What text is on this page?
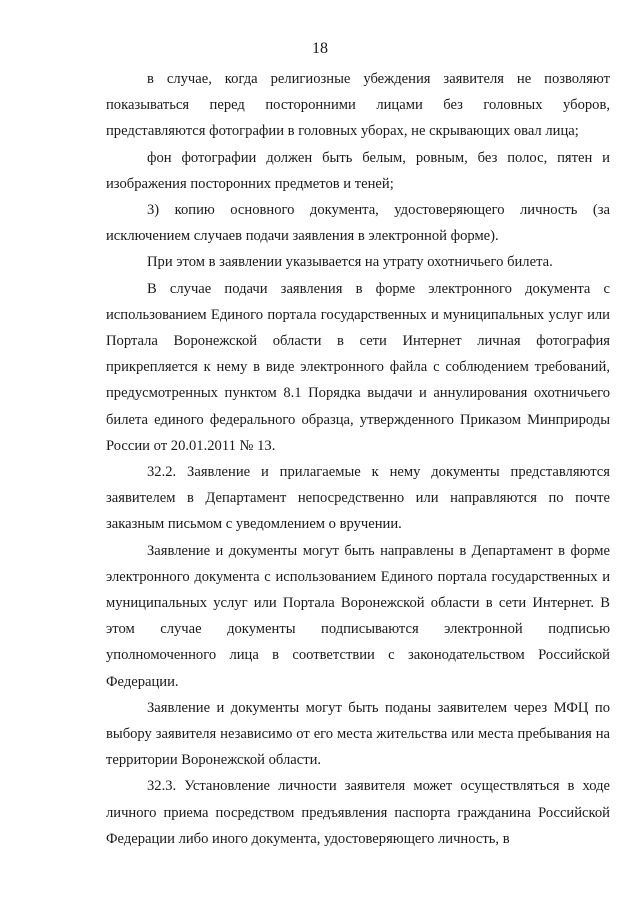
18

в случае, когда религиозные убеждения заявителя не позволяют показываться перед посторонними лицами без головных уборов, представляются фотографии в головных уборах, не скрывающих овал лица;

фон фотографии должен быть белым, ровным, без полос, пятен и изображения посторонних предметов и теней;

3) копию основного документа, удостоверяющего личность (за исключением случаев подачи заявления в электронной форме).

При этом в заявлении указывается на утрату охотничьего билета.

В случае подачи заявления в форме электронного документа с использованием Единого портала государственных и муниципальных услуг или Портала Воронежской области в сети Интернет личная фотография прикрепляется к нему в виде электронного файла с соблюдением требований, предусмотренных пунктом 8.1 Порядка выдачи и аннулирования охотничьего билета единого федерального образца, утвержденного Приказом Минприроды России от 20.01.2011 № 13.

32.2. Заявление и прилагаемые к нему документы представляются заявителем в Департамент непосредственно или направляются по почте заказным письмом с уведомлением о вручении.

Заявление и документы могут быть направлены в Департамент в форме электронного документа с использованием Единого портала государственных и муниципальных услуг или Портала Воронежской области в сети Интернет. В этом случае документы подписываются электронной подписью уполномоченного лица в соответствии с законодательством Российской Федерации.

Заявление и документы могут быть поданы заявителем через МФЦ по выбору заявителя независимо от его места жительства или места пребывания на территории Воронежской области.

32.3. Установление личности заявителя может осуществляться в ходе личного приема посредством предъявления паспорта гражданина Российской Федерации либо иного документа, удостоверяющего личность, в
